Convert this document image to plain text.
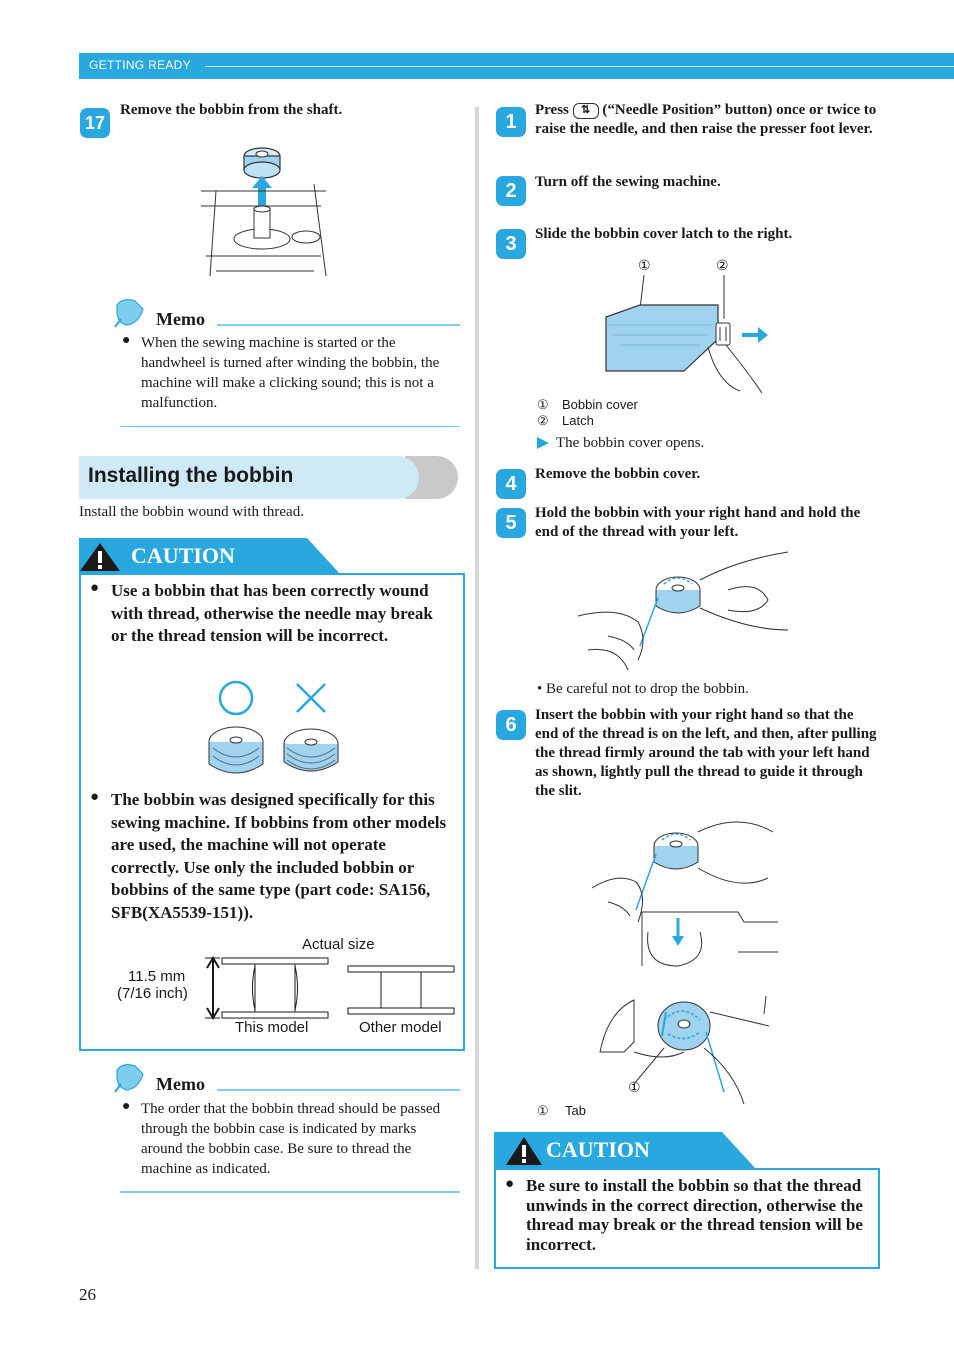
GETTING READY
17
Remove the bobbin from the shaft.
Memo
● When the sewing machine is started or the handwheel is turned after winding the bobbin, the machine will make a clicking sound; this is not a malfunction.
Installing the bobbin
Install the bobbin wound with thread.
CAUTION
● Use a bobbin that has been correctly wound with thread, otherwise the needle may break or the thread tension will be incorrect.
● The bobbin was designed specifically for this sewing machine. If bobbins from other models are used, the machine will not operate correctly. Use only the included bobbin or bobbins of the same type (part code: SA156, SFB(XA5539-151)).
Actual size
11.5 mm
(7/16 inch)
This model	Other model
Memo
● The order that the bobbin thread should be passed through the bobbin case is indicated by marks around the bobbin case. Be sure to thread the machine as indicated.
1
Press ⇅ (“Needle Position” button) once or twice to raise the needle, and then raise the presser foot lever.
2	Turn off the sewing machine.
3	Slide the bobbin cover latch to the right.
①	②
① Bobbin cover
② Latch
The bobbin cover opens.
4	Remove the bobbin cover.
5	Hold the bobbin with your right hand and hold the end of the thread with your left.
• Be careful not to drop the bobbin.
6	Insert the bobbin with your right hand so that the end of the thread is on the left, and then, after pulling the thread firmly around the tab with your left hand as shown, lightly pull the thread to guide it through the slit.
①
① Tab
CAUTION
● Be sure to install the bobbin so that the thread unwinds in the correct direction, otherwise the thread may break or the thread tension will be incorrect.
26
